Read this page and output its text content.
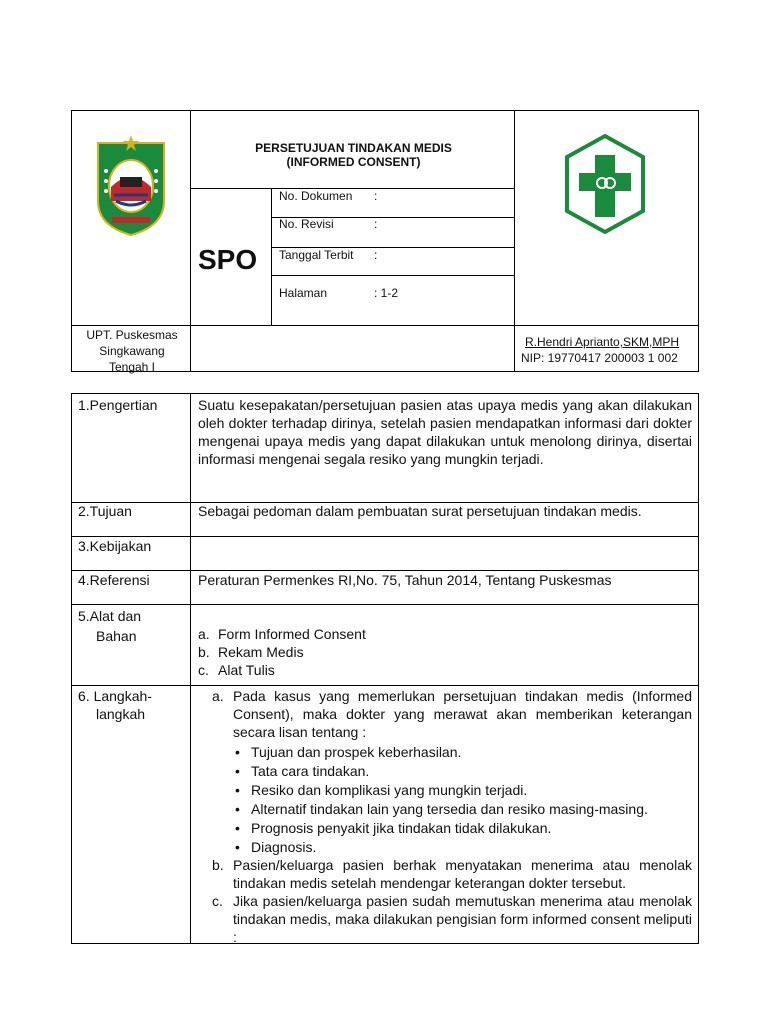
PERSETUJUAN TINDAKAN MEDIS
(INFORMED CONSENT)
SPO
No. Dokumen :
No. Revisi	:
Tanggal Terbit :
Halaman	: 1-2
UPT. Puskesmas
Singkawang
Tengah I
R.Hendri Aprianto,SKM,MPH
NIP: 19770417 200003 1 002
1.Pengertian	Suatu kesepakatan/persetujuan pasien atas upaya medis yang akan dilakukan oleh dokter terhadap dirinya, setelah pasien mendapatkan informasi dari dokter mengenai upaya medis yang dapat dilakukan untuk menolong dirinya, disertai informasi mengenai segala resiko yang mungkin terjadi.
2.Tujuan	Sebagai pedoman dalam pembuatan surat persetujuan tindakan medis.
3.Kebijakan
4.Referensi	Peraturan Permenkes RI,No. 75, Tahun 2014, Tentang Puskesmas
5.Alat dan
Bahan	a. Form Informed Consent
b. Rekam Medis
c. Alat Tulis
6. Langkah-
langkah
a. Pada kasus yang memerlukan persetujuan tindakan medis (Informed Consent), maka dokter yang merawat akan memberikan keterangan secara lisan tentang :
• Tujuan dan prospek keberhasilan.
• Tata cara tindakan.
• Resiko dan komplikasi yang mungkin terjadi.
• Alternatif tindakan lain yang tersedia dan resiko masing-masing.
• Prognosis penyakit jika tindakan tidak dilakukan.
• Diagnosis.
b. Pasien/keluarga pasien berhak menyatakan menerima atau menolak tindakan medis setelah mendengar keterangan dokter tersebut.
c. Jika pasien/keluarga pasien sudah memutuskan menerima atau menolak tindakan medis, maka dilakukan pengisian form informed consent meliputi :
